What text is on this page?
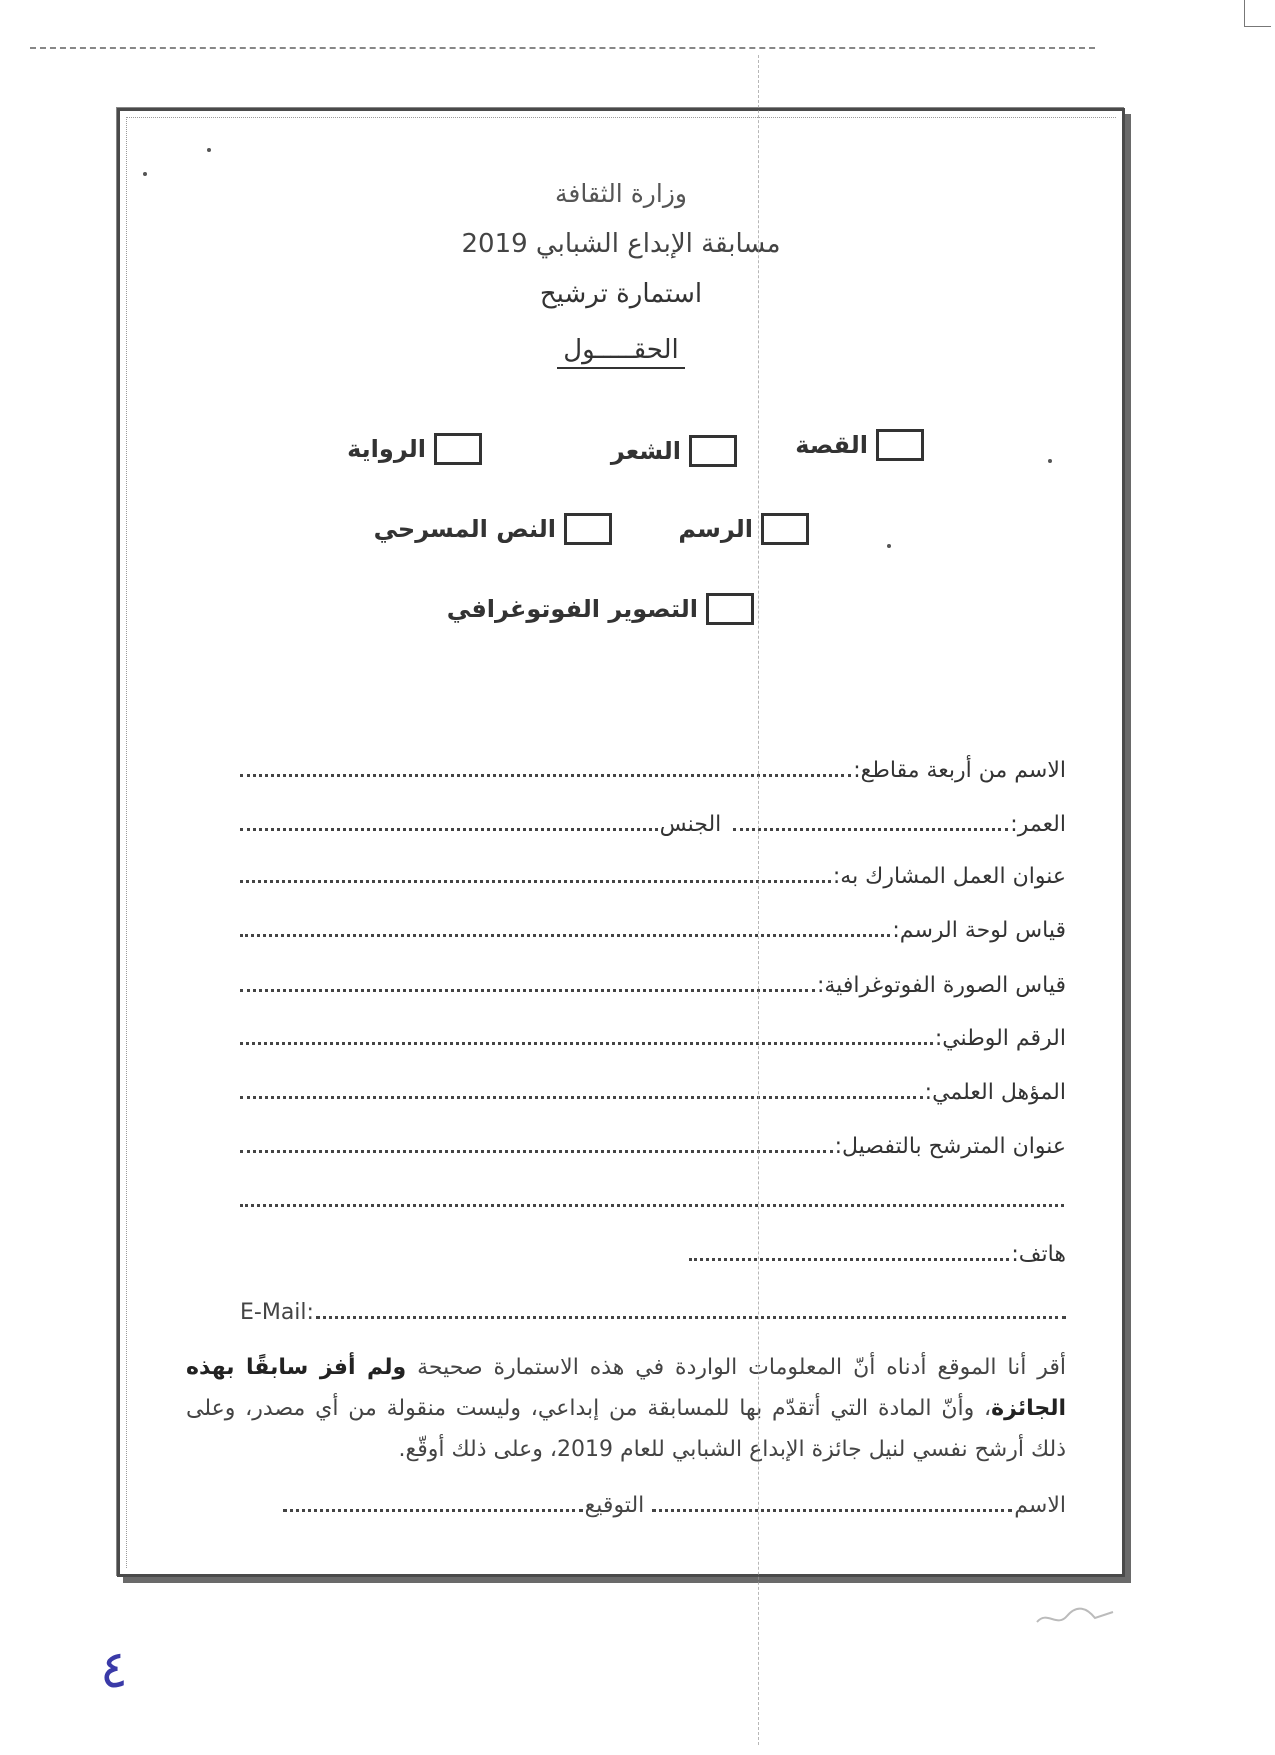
وزارة الثقافة
مسابقة الإبداع الشبابي 2019
استمارة ترشيح
الحقـــــول
القصة
الشعر
الرواية
الرسم
النص المسرحي
التصوير الفوتوغرافي
الاسم من أربعة مقاطع:
العمر:
الجنس
عنوان العمل المشارك به:
قياس لوحة الرسم:
قياس الصورة الفوتوغرافية:
الرقم الوطني:
المؤهل العلمي:
عنوان المترشح بالتفصيل:
هاتف:
E-Mail:
أقر أنا الموقع أدناه أنّ المعلومات الواردة في هذه الاستمارة صحيحة ولم أفز سابقًا بهذه الجائزة، وأنّ المادة التي أتقدّم بها للمسابقة من إبداعي، وليست منقولة من أي مصدر، وعلى ذلك أرشح نفسي لنيل جائزة الإبداع الشبابي للعام 2019، وعلى ذلك أوقّع.
الاسم
التوقيع
٤
